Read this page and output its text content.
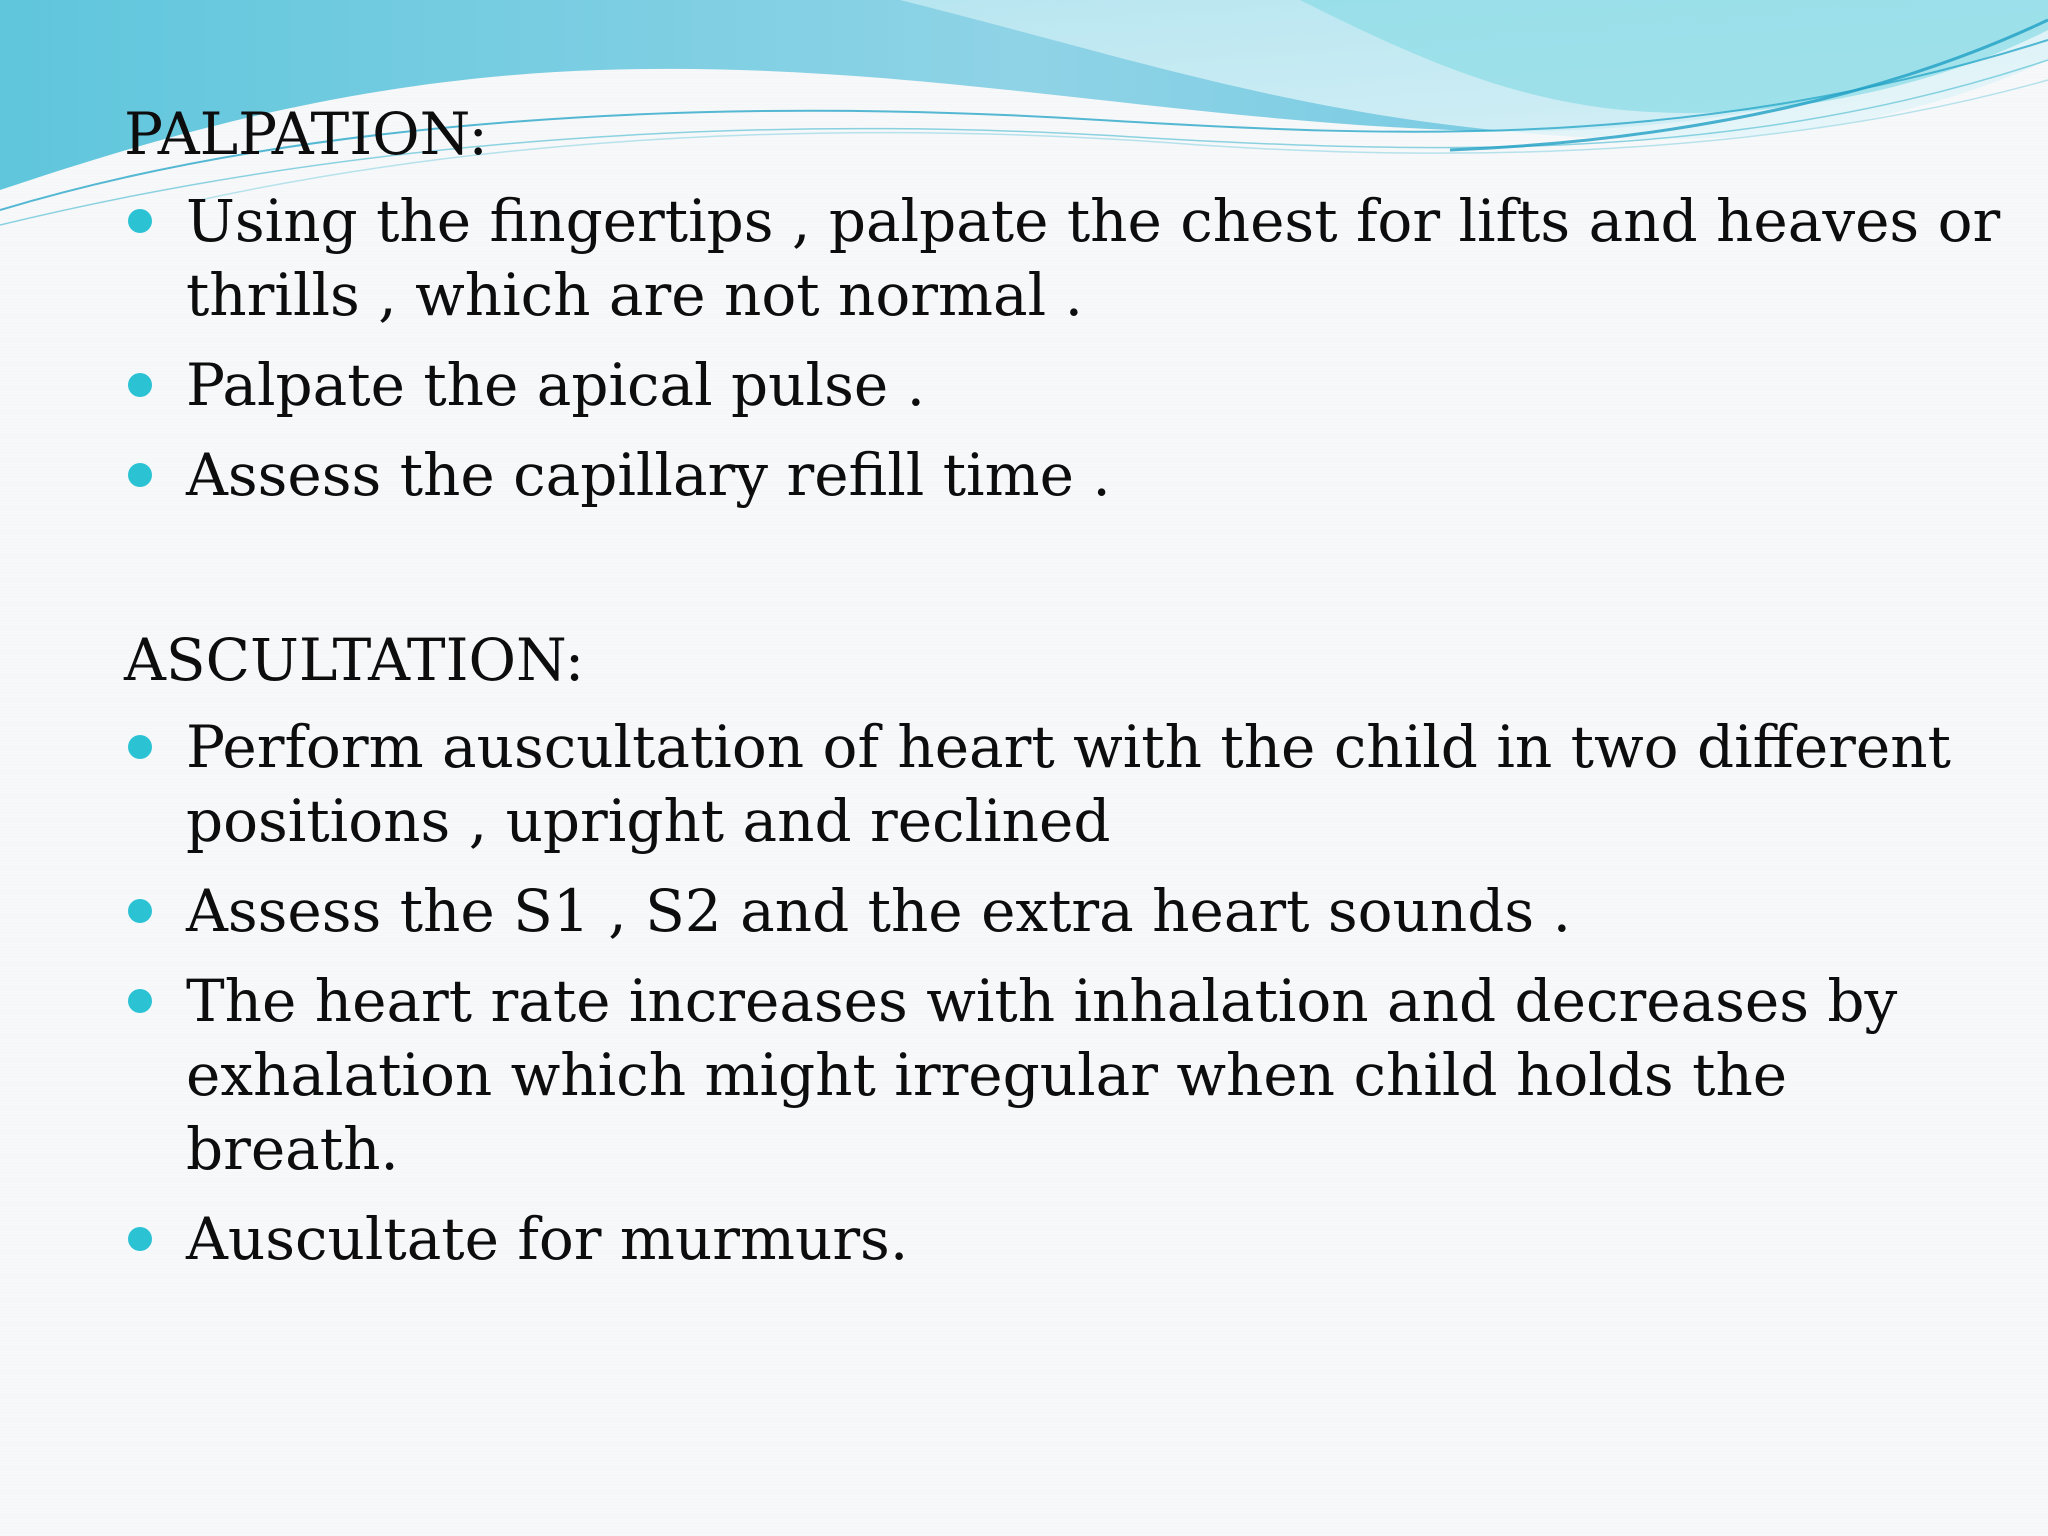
PALPATION:
Using the fingertips , palpate the chest for lifts and heaves or thrills , which are not normal .
Palpate the apical pulse .
Assess the capillary refill time .
ASCULTATION:
Perform auscultation of heart with the child in two different positions , upright and reclined
Assess the S1 , S2 and the extra heart sounds .
The heart rate increases with inhalation and decreases by exhalation which might irregular when child holds the breath.
Auscultate for murmurs.
